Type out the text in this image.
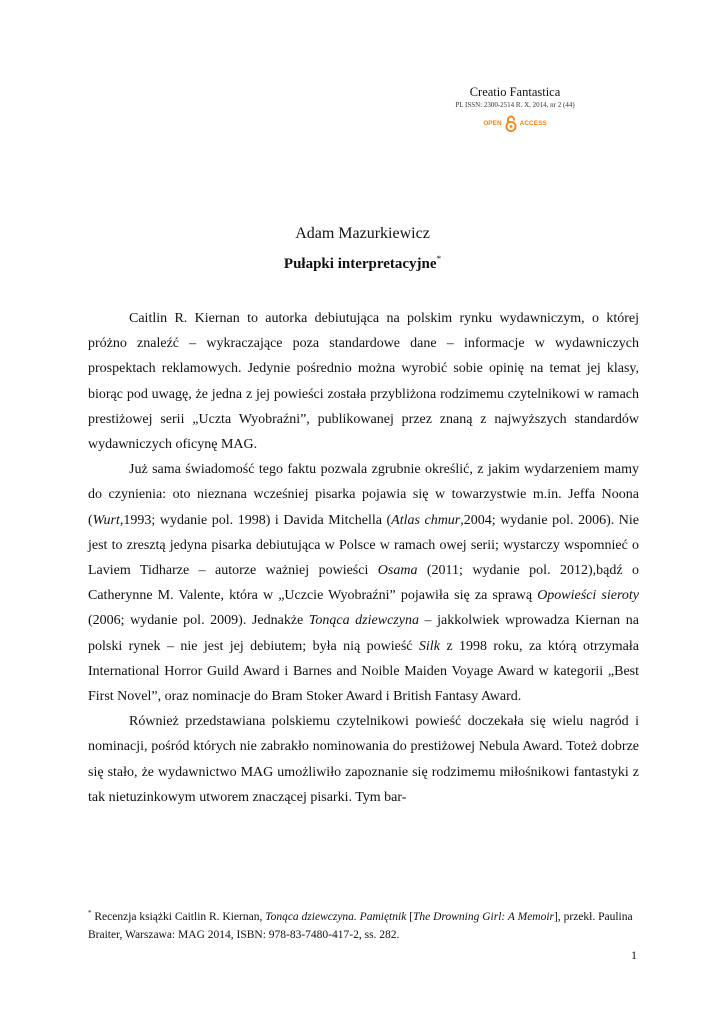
Creatio Fantastica
PL ISSN: 2300-2514 R. X, 2014, nr 2 (44)
OPEN	ACCESS
Adam Mazurkiewicz
Pułapki interpretacyjne*

Caitlin R. Kiernan to autorka debiutująca na polskim rynku wydawniczym, o której próżno znaleźć – wykraczające poza standardowe dane – informacje w wydawniczych prospektach reklamowych. Jedynie pośrednio można wyrobić sobie opinię na temat jej klasy, biorąc pod uwagę, że jedna z jej powieści została przybliżona rodzimemu czytelnikowi w ramach prestiżowej serii „Uczta Wyobraźni”, publikowanej przez znaną z najwyższych standardów wydawniczych oficynę MAG.

Już sama świadomość tego faktu pozwala zgrubnie określić, z jakim wydarzeniem mamy do czynienia: oto nieznana wcześniej pisarka pojawia się w towarzystwie m.in. Jeffa Noona (Wurt,1993; wydanie pol. 1998) i Davida Mitchella (Atlas chmur,2004; wydanie pol. 2006). Nie jest to zresztą jedyna pisarka debiutująca w Polsce w ramach owej serii; wystarczy wspomnieć o Laviem Tidharze – autorze ważniej powieści Osama (2011; wydanie pol. 2012),bądź o Catherynne M. Valente, która w „Uczcie Wyobraźni” pojawiła się za sprawą Opowieści sieroty (2006; wydanie pol. 2009). Jednakże Tonąca dziewczyna – jakkolwiek wprowadza Kiernan na polski rynek – nie jest jej debiutem; była nią powieść Silk z 1998 roku, za którą otrzymała International Horror Guild Award i Barnes and Noible Maiden Voyage Award w kategorii „Best First Novel”, oraz nominacje do Bram Stoker Award i British Fantasy Award.

Również przedstawiana polskiemu czytelnikowi powieść doczekała się wielu nagród i nominacji, pośród których nie zabrakło nominowania do prestiżowej Nebula Award. Toteż dobrze się stało, że wydawnictwo MAG umożliwiło zapoznanie się rodzimemu miłośnikowi fantastyki z tak nietuzinkowym utworem znaczącej pisarki. Tym bar-

* Recenzja książki Caitlin R. Kiernan, Tonąca dziewczyna. Pamiętnik [The Drowning Girl: A Memoir], przekł. Paulina Braiter, Warszawa: MAG 2014, ISBN: 978-83-7480-417-2, ss. 282.
1
